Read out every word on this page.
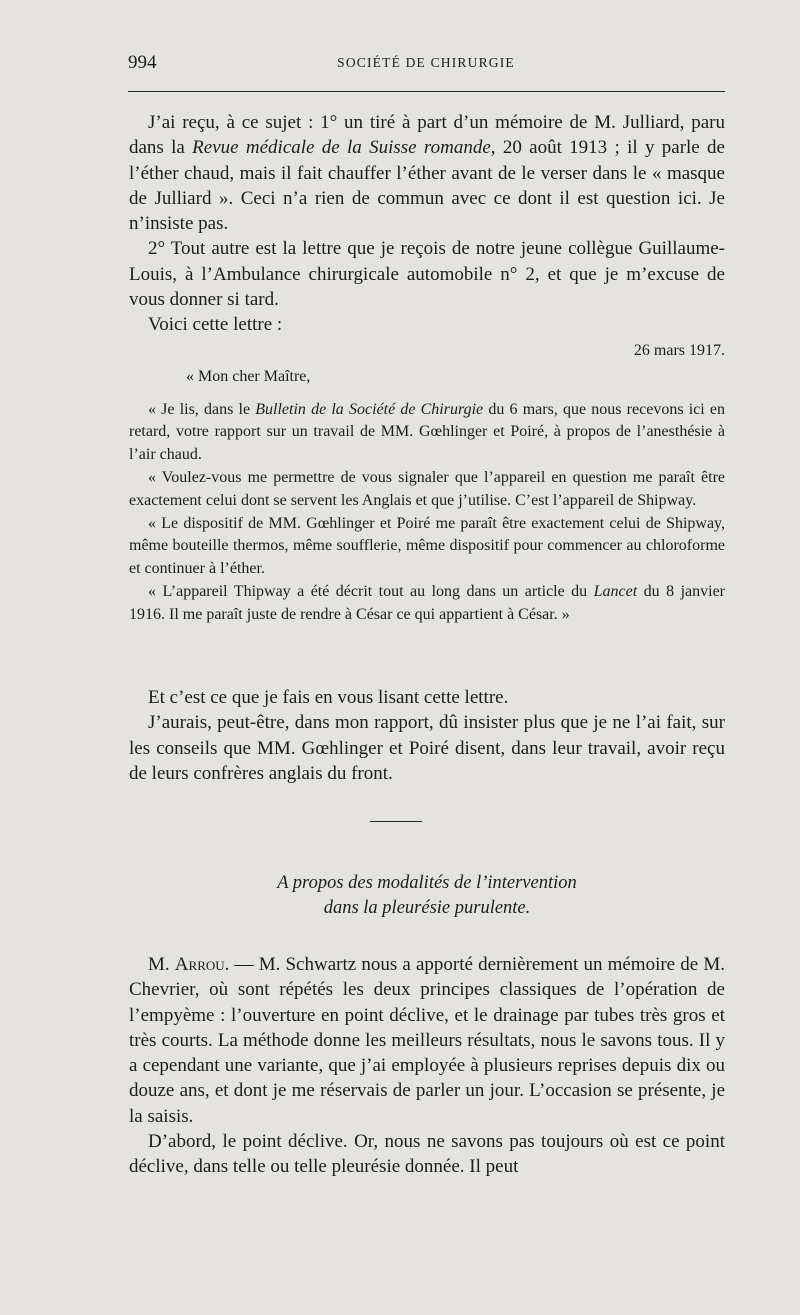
994	SOCIÉTÉ DE CHIRURGIE

J’ai reçu, à ce sujet : 1° un tiré à part d’un mémoire de M. Julliard, paru dans la Revue médicale de la Suisse romande, 20 août 1913 ; il y parle de l’éther chaud, mais il fait chauffer l’éther avant de le verser dans le « masque de Julliard ». Ceci n’a rien de commun avec ce dont il est question ici. Je n’insiste pas.

2° Tout autre est la lettre que je reçois de notre jeune collègue Guillaume-Louis, à l’Ambulance chirurgicale automobile n° 2, et que je m’excuse de vous donner si tard.

Voici cette lettre :

26 mars 1917.

« Mon cher Maître,

« Je lis, dans le Bulletin de la Société de Chirurgie du 6 mars, que nous recevons ici en retard, votre rapport sur un travail de MM. Gœhlinger et Poiré, à propos de l’anesthésie à l’air chaud.

« Voulez-vous me permettre de vous signaler que l’appareil en question me paraît être exactement celui dont se servent les Anglais et que j’utilise. C’est l’appareil de Shipway.

« Le dispositif de MM. Gœhlinger et Poiré me paraît être exactement celui de Shipway, même bouteille thermos, même soufflerie, même dispositif pour commencer au chloroforme et continuer à l’éther.

« L’appareil Thipway a été décrit tout au long dans un article du Lancet du 8 janvier 1916. Il me paraît juste de rendre à César ce qui appartient à César. »

Et c’est ce que je fais en vous lisant cette lettre.

J’aurais, peut-être, dans mon rapport, dû insister plus que je ne l’ai fait, sur les conseils que MM. Gœhlinger et Poiré disent, dans leur travail, avoir reçu de leurs confrères anglais du front.

A propos des modalités de l’intervention
dans la pleurésie purulente.

M. Arrou. — M. Schwartz nous a apporté dernièrement un mémoire de M. Chevrier, où sont répétés les deux principes classiques de l’opération de l’empyème : l’ouverture en point déclive, et le drainage par tubes très gros et très courts. La méthode donne les meilleurs résultats, nous le savons tous. Il y a cependant une variante, que j’ai employée à plusieurs reprises depuis dix ou douze ans, et dont je me réservais de parler un jour. L’occasion se présente, je la saisis.

D’abord, le point déclive. Or, nous ne savons pas toujours où est ce point déclive, dans telle ou telle pleurésie donnée. Il peut
